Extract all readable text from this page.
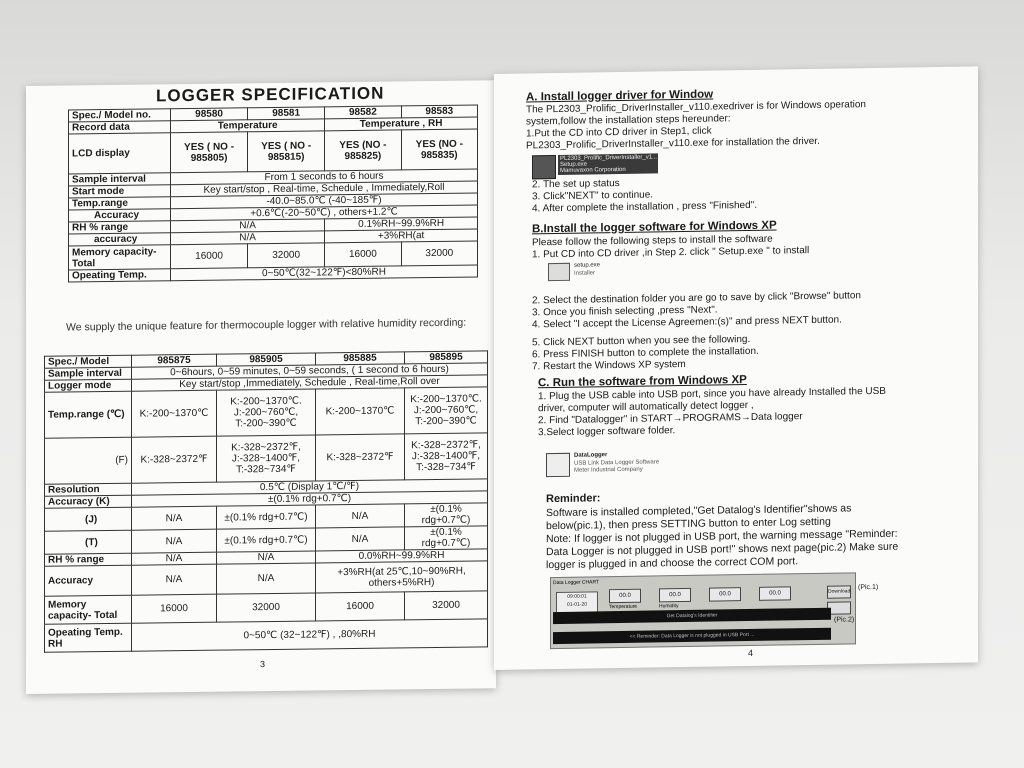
LOGGER SPECIFICATION
Spec./ Model no.	98580	98581	98582	98583
Record data	Temperature		Temperature , RH	
LCD display	YES ( NO - 985805)	YES ( NO - 985815)	YES (NO - 985825)	YES (NO - 985835)
Sample interval	From 1 seconds to 6 hours			
Start mode	Key start/stop , Real-time, Schedule , Immediately,Roll			
Temp.range	-40.0~85.0℃ (-40~185℉)			
Accuracy	+0.6℃(-20~50℃) , others+1.2℃			
RH % range	N/A		0.1%RH~99.9%RH	
accuracy	N/A		+3%RH(at	
Memory capacity-Total	16000	32000	16000	32000
Opeating Temp.	0~50℃(32~122℉)<80%RH			
We supply the unique feature for thermocouple logger with relative humidity recording:
Spec./ Model	985875	985905	985885	985895
Sample interval	0~6hours, 0~59 minutes, 0~59 seconds, ( 1 second to 6 hours)			
Logger mode	Key start/stop ,Immediately, Schedule , Real-time,Roll over			
Temp.range (℃)	K:-200~1370℃	K:-200~1370℃. J:-200~760℃, T:-200~390℃	K:-200~1370℃	K:-200~1370℃. J:-200~760℃, T:-200~390℃
(F)	K:-328~2372℉	K:-328~2372℉, J:-328~1400℉, T:-328~734℉	K:-328~2372℉	K:-328~2372℉, J:-328~1400℉, T:-328~734℉
Resolution	0.5℃ (Display 1℃/℉)			
Accuracy (K)	±(0.1% rdg+0.7℃)			
(J)	N/A	±(0.1% rdg+0.7℃)	N/A	±(0.1% rdg+0.7℃)
(T)	N/A	±(0.1% rdg+0.7℃)	N/A	±(0.1% rdg+0.7℃)
RH % range	N/A	N/A	0.0%RH~99.9%RH	
Accuracy	N/A	N/A	+3%RH(at 25℃,10~90%RH, others+5%RH)	
Memory capacity- Total	16000	32000	16000	32000
Opeating Temp. RH	0~50℃ (32~122℉) , ,80%RH			
3
A. Install logger driver for Window
The PL2303_Prolific_DriverInstaller_v110.exedriver is for Windows operation
system,follow the installation steps hereunder:
1.Put the CD into CD driver in Step1, click
PL2303_Prolific_DriverInstaller_v110.exe for installation the driver.
PL2303_Prolific_DriverInstaller_v1...
Setup.exe
Mamuvaxon Corporation
2. The set up status
3. Click"NEXT" to continue.
4. After complete the installation , press "Finished".
B.Install the logger software for Windows XP
Please follow the following steps to install the software
1. Put CD into CD driver ,in Step 2. click " Setup.exe " to install
setup.exe
Installer
2. Select the destination folder you are go to save by click "Browse" button
3. Once you finish selecting ,press "Next".
4. Select "I accept the License Agreemen:(s)" and press NEXT button.
5. Click NEXT button when you see the following.
6. Press FINISH button to complete the installation.
7. Restart the Windows XP system
C. Run the software from Windows XP
1. Plug the USB cable into USB port, since you have already Installed the USB
driver, computer will automatically detect logger ,
2. Find "Datalogger" in START→PROGRAMS→Data logger
3.Select logger software folder.
DataLogger
USB Link Data Logger Software
Meter Industrial Company
Reminder:
Software is installed completed,"Get Datalog's Identifier"shows as
below(pic.1), then press SETTING button to enter Log setting
Note: If logger is not plugged in USB port, the warning message "Reminder:
Data Logger is not plugged in USB port!" shows next page(pic.2) Make sure
logger is plugged in and choose the correct COM port.
Data Logger CHART
09:00:01
01-01-20
00.0	00.0	00.0	00.0
Temperature	Humidity
Download
Get Datalog's Identifier
<< Reminder: Data Logger is not plugged in USB Port ...
(Pic.1)
(Pic.2)
4
